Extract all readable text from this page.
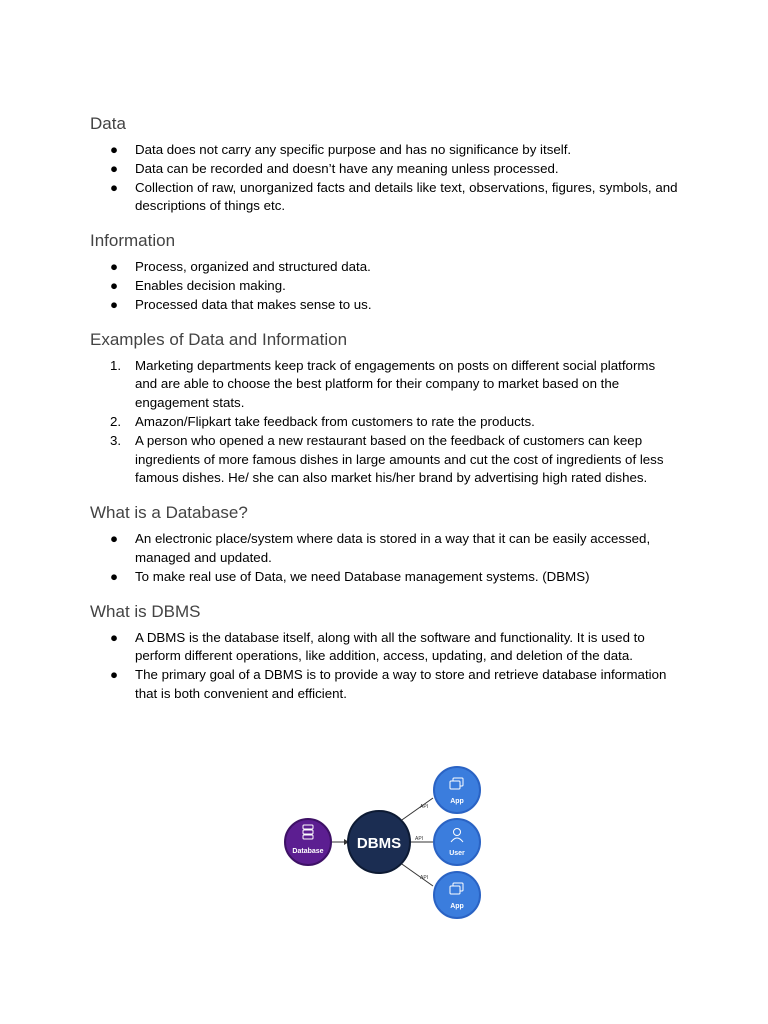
Data
●	Data does not carry any specific purpose and has no significance by itself.
●	Data can be recorded and doesn’t have any meaning unless processed.
●	Collection of raw, unorganized facts and details like text, observations, figures, symbols, and descriptions of things etc.
Information
●	Process, organized and structured data.
●	Enables decision making.
●	Processed data that makes sense to us.
Examples of Data and Information
1.	Marketing departments keep track of engagements on posts on different social platforms and are able to choose the best platform for their company to market based on the engagement stats.
2.	Amazon/Flipkart take feedback from customers to rate the products.
3.	A person who opened a new restaurant based on the feedback of customers can keep ingredients of more famous dishes in large amounts and cut the cost of ingredients of less famous dishes. He/ she can also market his/her brand by advertising high rated dishes.
What is a Database?
●	An electronic place/system where data is stored in a way that it can be easily accessed, managed and updated.
●	To make real use of Data, we need Database management systems. (DBMS)
What is DBMS
●	A DBMS is the database itself, along with all the software and functionality. It is used to perform different operations, like addition, access, updating, and deletion of the data.
●	The primary goal of a DBMS is to provide a way to store and retrieve database information that is both convenient and efficient.
API
API
API
Database DBMS
App
User
App
